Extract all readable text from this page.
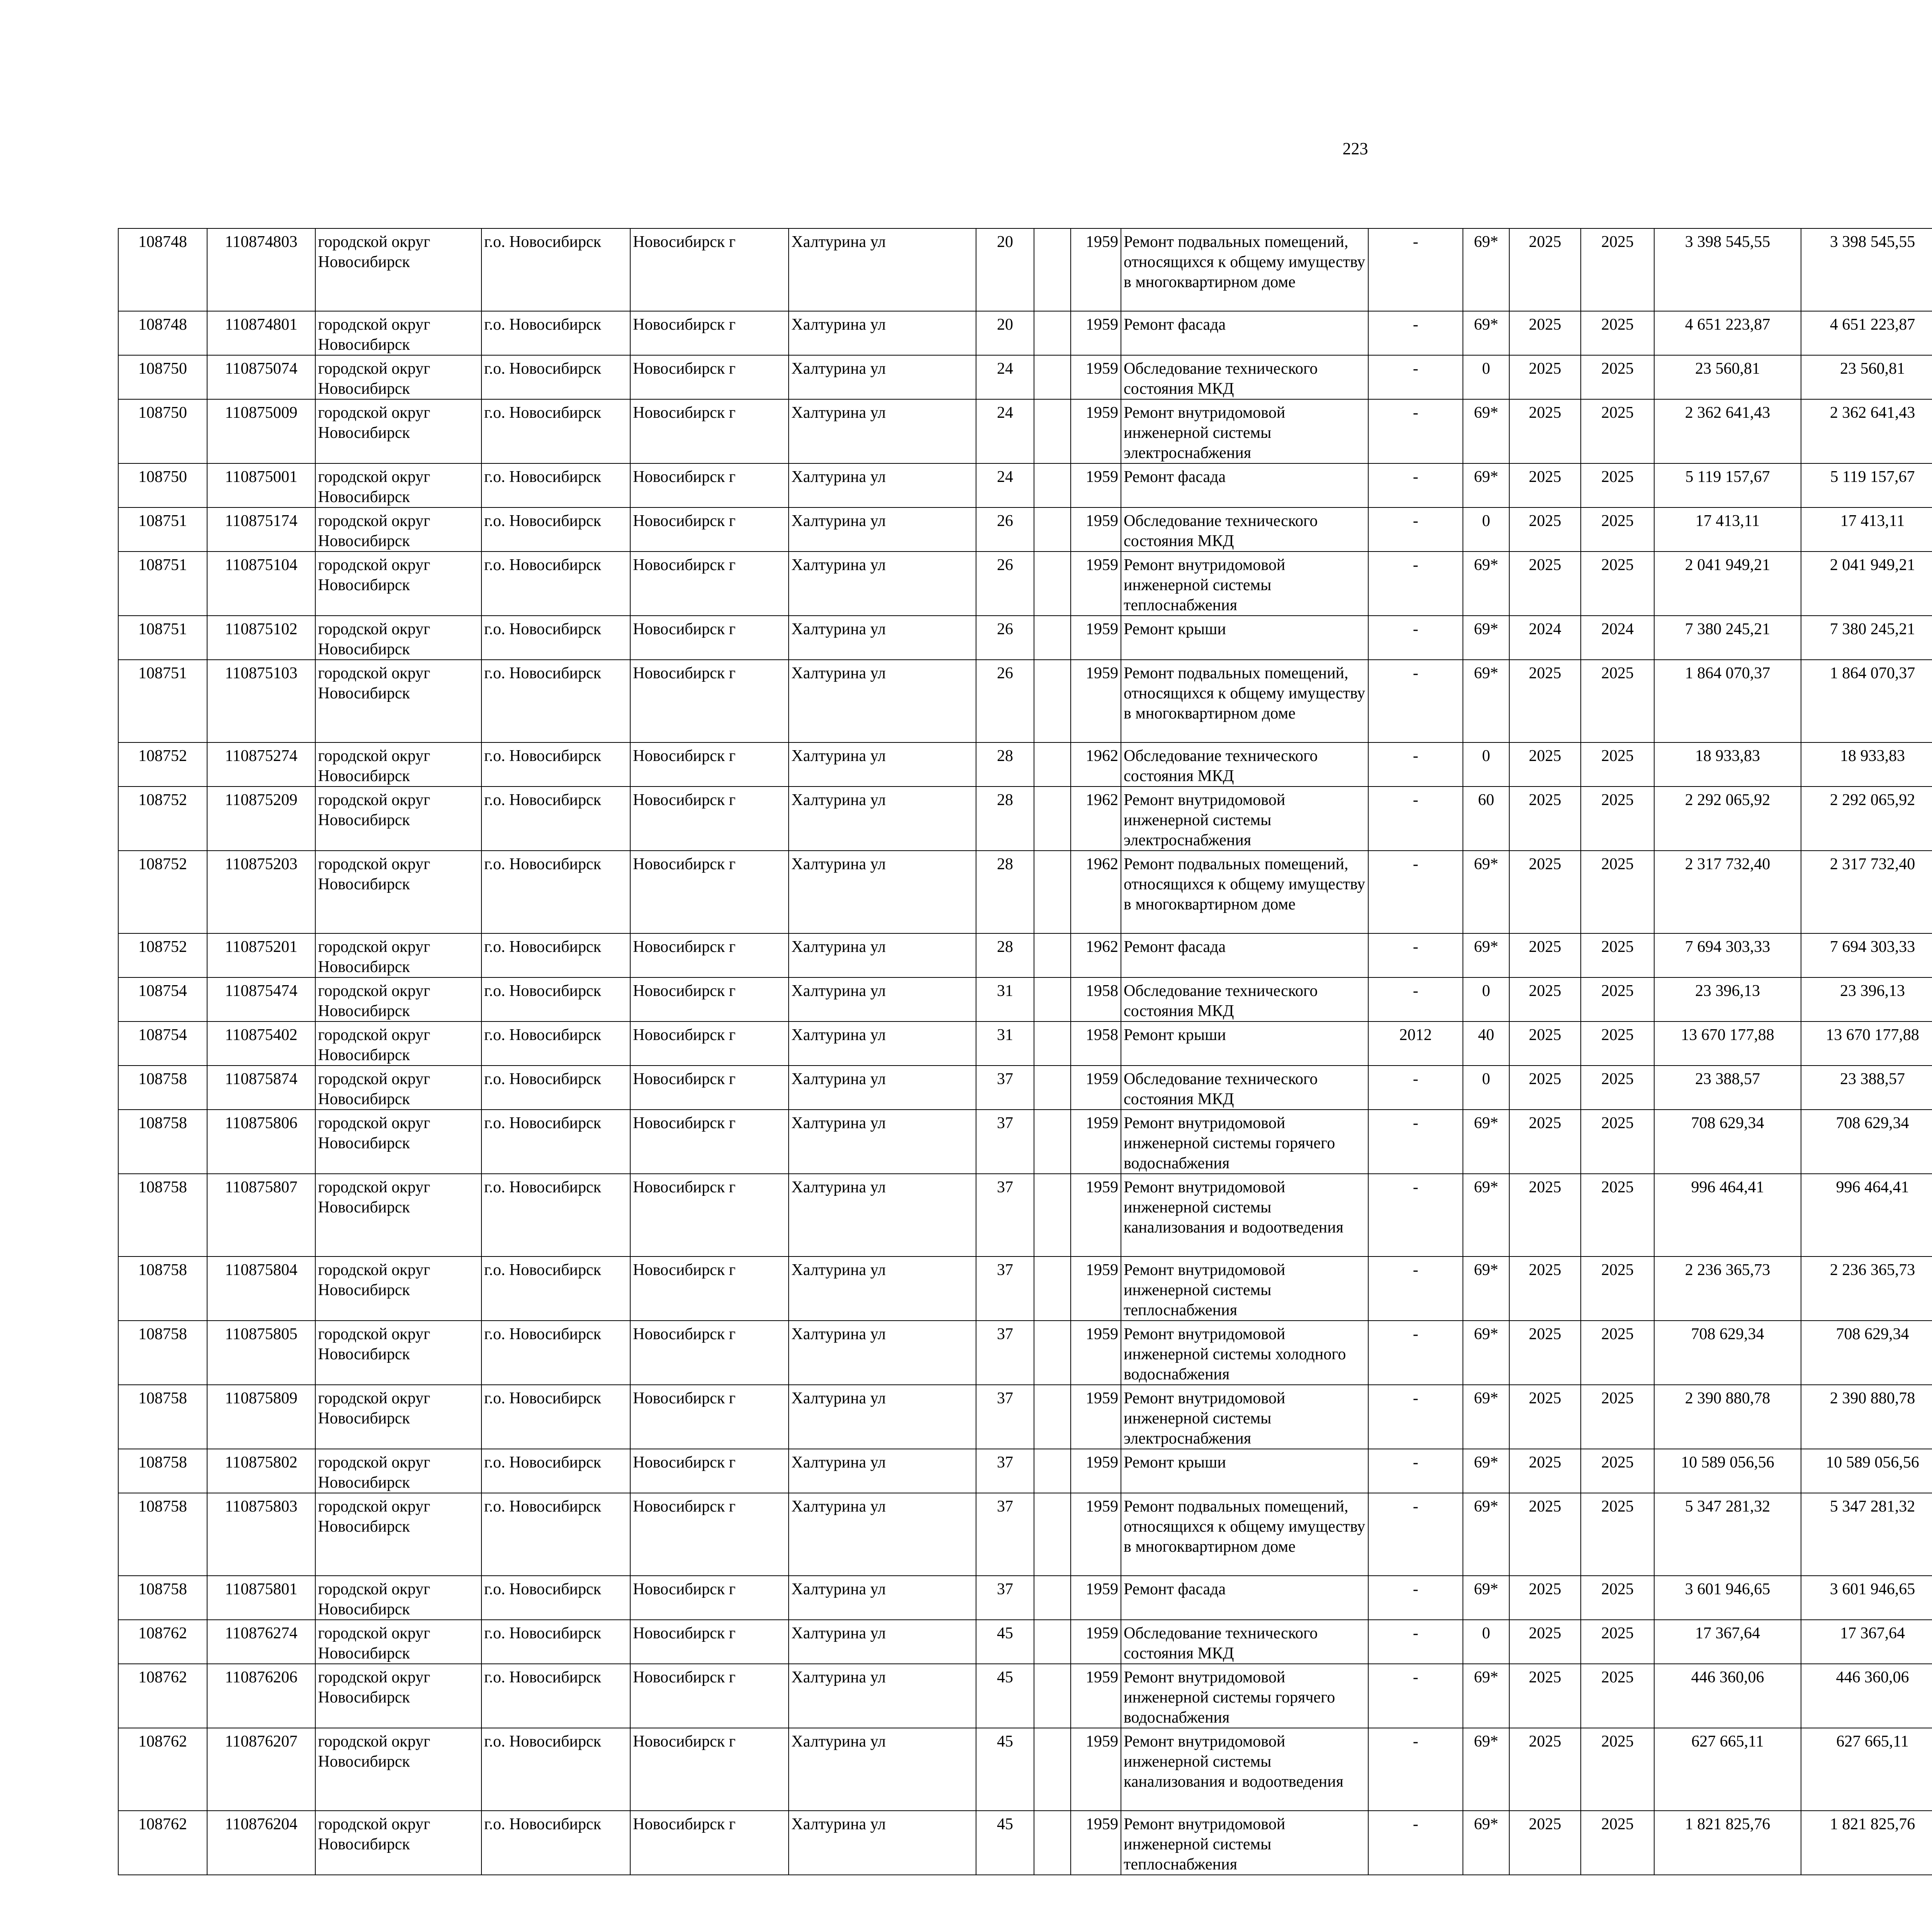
223
108748	110874803	городской округ Новосибирск	г.о. Новосибирск	Новосибирск г	Халтурина ул	20		1959	Ремонт подвальных помещений, относящихся к общему имуществу в многоквартирном доме	-	69*	2025	2025	3 398 545,55	3 398 545,55						
108748	110874801	городской округ Новосибирск	г.о. Новосибирск	Новосибирск г	Халтурина ул	20		1959	Ремонт фасада	-	69*	2025	2025	4 651 223,87	4 651 223,87						
108750	110875074	городской округ Новосибирск	г.о. Новосибирск	Новосибирск г	Халтурина ул	24		1959	Обследование технического состояния МКД	-	0	2025	2025	23 560,81	23 560,81						
108750	110875009	городской округ Новосибирск	г.о. Новосибирск	Новосибирск г	Халтурина ул	24		1959	Ремонт внутридомовой инженерной системы электроснабжения	-	69*	2025	2025	2 362 641,43	2 362 641,43						
108750	110875001	городской округ Новосибирск	г.о. Новосибирск	Новосибирск г	Халтурина ул	24		1959	Ремонт фасада	-	69*	2025	2025	5 119 157,67	5 119 157,67						
108751	110875174	городской округ Новосибирск	г.о. Новосибирск	Новосибирск г	Халтурина ул	26		1959	Обследование технического состояния МКД	-	0	2025	2025	17 413,11	17 413,11						
108751	110875104	городской округ Новосибирск	г.о. Новосибирск	Новосибирск г	Халтурина ул	26		1959	Ремонт внутридомовой инженерной системы теплоснабжения	-	69*	2025	2025	2 041 949,21	2 041 949,21						
108751	110875102	городской округ Новосибирск	г.о. Новосибирск	Новосибирск г	Халтурина ул	26		1959	Ремонт крыши	-	69*	2024	2024	7 380 245,21	7 380 245,21						
108751	110875103	городской округ Новосибирск	г.о. Новосибирск	Новосибирск г	Халтурина ул	26		1959	Ремонт подвальных помещений, относящихся к общему имуществу в многоквартирном доме	-	69*	2025	2025	1 864 070,37	1 864 070,37						
108752	110875274	городской округ Новосибирск	г.о. Новосибирск	Новосибирск г	Халтурина ул	28		1962	Обследование технического состояния МКД	-	0	2025	2025	18 933,83	18 933,83						
108752	110875209	городской округ Новосибирск	г.о. Новосибирск	Новосибирск г	Халтурина ул	28		1962	Ремонт внутридомовой инженерной системы электроснабжения	-	60	2025	2025	2 292 065,92	2 292 065,92						
108752	110875203	городской округ Новосибирск	г.о. Новосибирск	Новосибирск г	Халтурина ул	28		1962	Ремонт подвальных помещений, относящихся к общему имуществу в многоквартирном доме	-	69*	2025	2025	2 317 732,40	2 317 732,40						
108752	110875201	городской округ Новосибирск	г.о. Новосибирск	Новосибирск г	Халтурина ул	28		1962	Ремонт фасада	-	69*	2025	2025	7 694 303,33	7 694 303,33						
108754	110875474	городской округ Новосибирск	г.о. Новосибирск	Новосибирск г	Халтурина ул	31		1958	Обследование технического состояния МКД	-	0	2025	2025	23 396,13	23 396,13						
108754	110875402	городской округ Новосибирск	г.о. Новосибирск	Новосибирск г	Халтурина ул	31		1958	Ремонт крыши	2012	40	2025	2025	13 670 177,88	13 670 177,88						
108758	110875874	городской округ Новосибирск	г.о. Новосибирск	Новосибирск г	Халтурина ул	37		1959	Обследование технического состояния МКД	-	0	2025	2025	23 388,57	23 388,57						
108758	110875806	городской округ Новосибирск	г.о. Новосибирск	Новосибирск г	Халтурина ул	37		1959	Ремонт внутридомовой инженерной системы горячего водоснабжения	-	69*	2025	2025	708 629,34	708 629,34						
108758	110875807	городской округ Новосибирск	г.о. Новосибирск	Новосибирск г	Халтурина ул	37		1959	Ремонт внутридомовой инженерной системы канализования и водоотведения	-	69*	2025	2025	996 464,41	996 464,41						
108758	110875804	городской округ Новосибирск	г.о. Новосибирск	Новосибирск г	Халтурина ул	37		1959	Ремонт внутридомовой инженерной системы теплоснабжения	-	69*	2025	2025	2 236 365,73	2 236 365,73						
108758	110875805	городской округ Новосибирск	г.о. Новосибирск	Новосибирск г	Халтурина ул	37		1959	Ремонт внутридомовой инженерной системы холодного водоснабжения	-	69*	2025	2025	708 629,34	708 629,34						
108758	110875809	городской округ Новосибирск	г.о. Новосибирск	Новосибирск г	Халтурина ул	37		1959	Ремонт внутридомовой инженерной системы электроснабжения	-	69*	2025	2025	2 390 880,78	2 390 880,78						
108758	110875802	городской округ Новосибирск	г.о. Новосибирск	Новосибирск г	Халтурина ул	37		1959	Ремонт крыши	-	69*	2025	2025	10 589 056,56	10 589 056,56						
108758	110875803	городской округ Новосибирск	г.о. Новосибирск	Новосибирск г	Халтурина ул	37		1959	Ремонт подвальных помещений, относящихся к общему имуществу в многоквартирном доме	-	69*	2025	2025	5 347 281,32	5 347 281,32						
108758	110875801	городской округ Новосибирск	г.о. Новосибирск	Новосибирск г	Халтурина ул	37		1959	Ремонт фасада	-	69*	2025	2025	3 601 946,65	3 601 946,65						
108762	110876274	городской округ Новосибирск	г.о. Новосибирск	Новосибирск г	Халтурина ул	45		1959	Обследование технического состояния МКД	-	0	2025	2025	17 367,64	17 367,64						
108762	110876206	городской округ Новосибирск	г.о. Новосибирск	Новосибирск г	Халтурина ул	45		1959	Ремонт внутридомовой инженерной системы горячего водоснабжения	-	69*	2025	2025	446 360,06	446 360,06						
108762	110876207	городской округ Новосибирск	г.о. Новосибирск	Новосибирск г	Халтурина ул	45		1959	Ремонт внутридомовой инженерной системы канализования и водоотведения	-	69*	2025	2025	627 665,11	627 665,11						
108762	110876204	городской округ Новосибирск	г.о. Новосибирск	Новосибирск г	Халтурина ул	45		1959	Ремонт внутридомовой инженерной системы теплоснабжения	-	69*	2025	2025	1 821 825,76	1 821 825,76						
